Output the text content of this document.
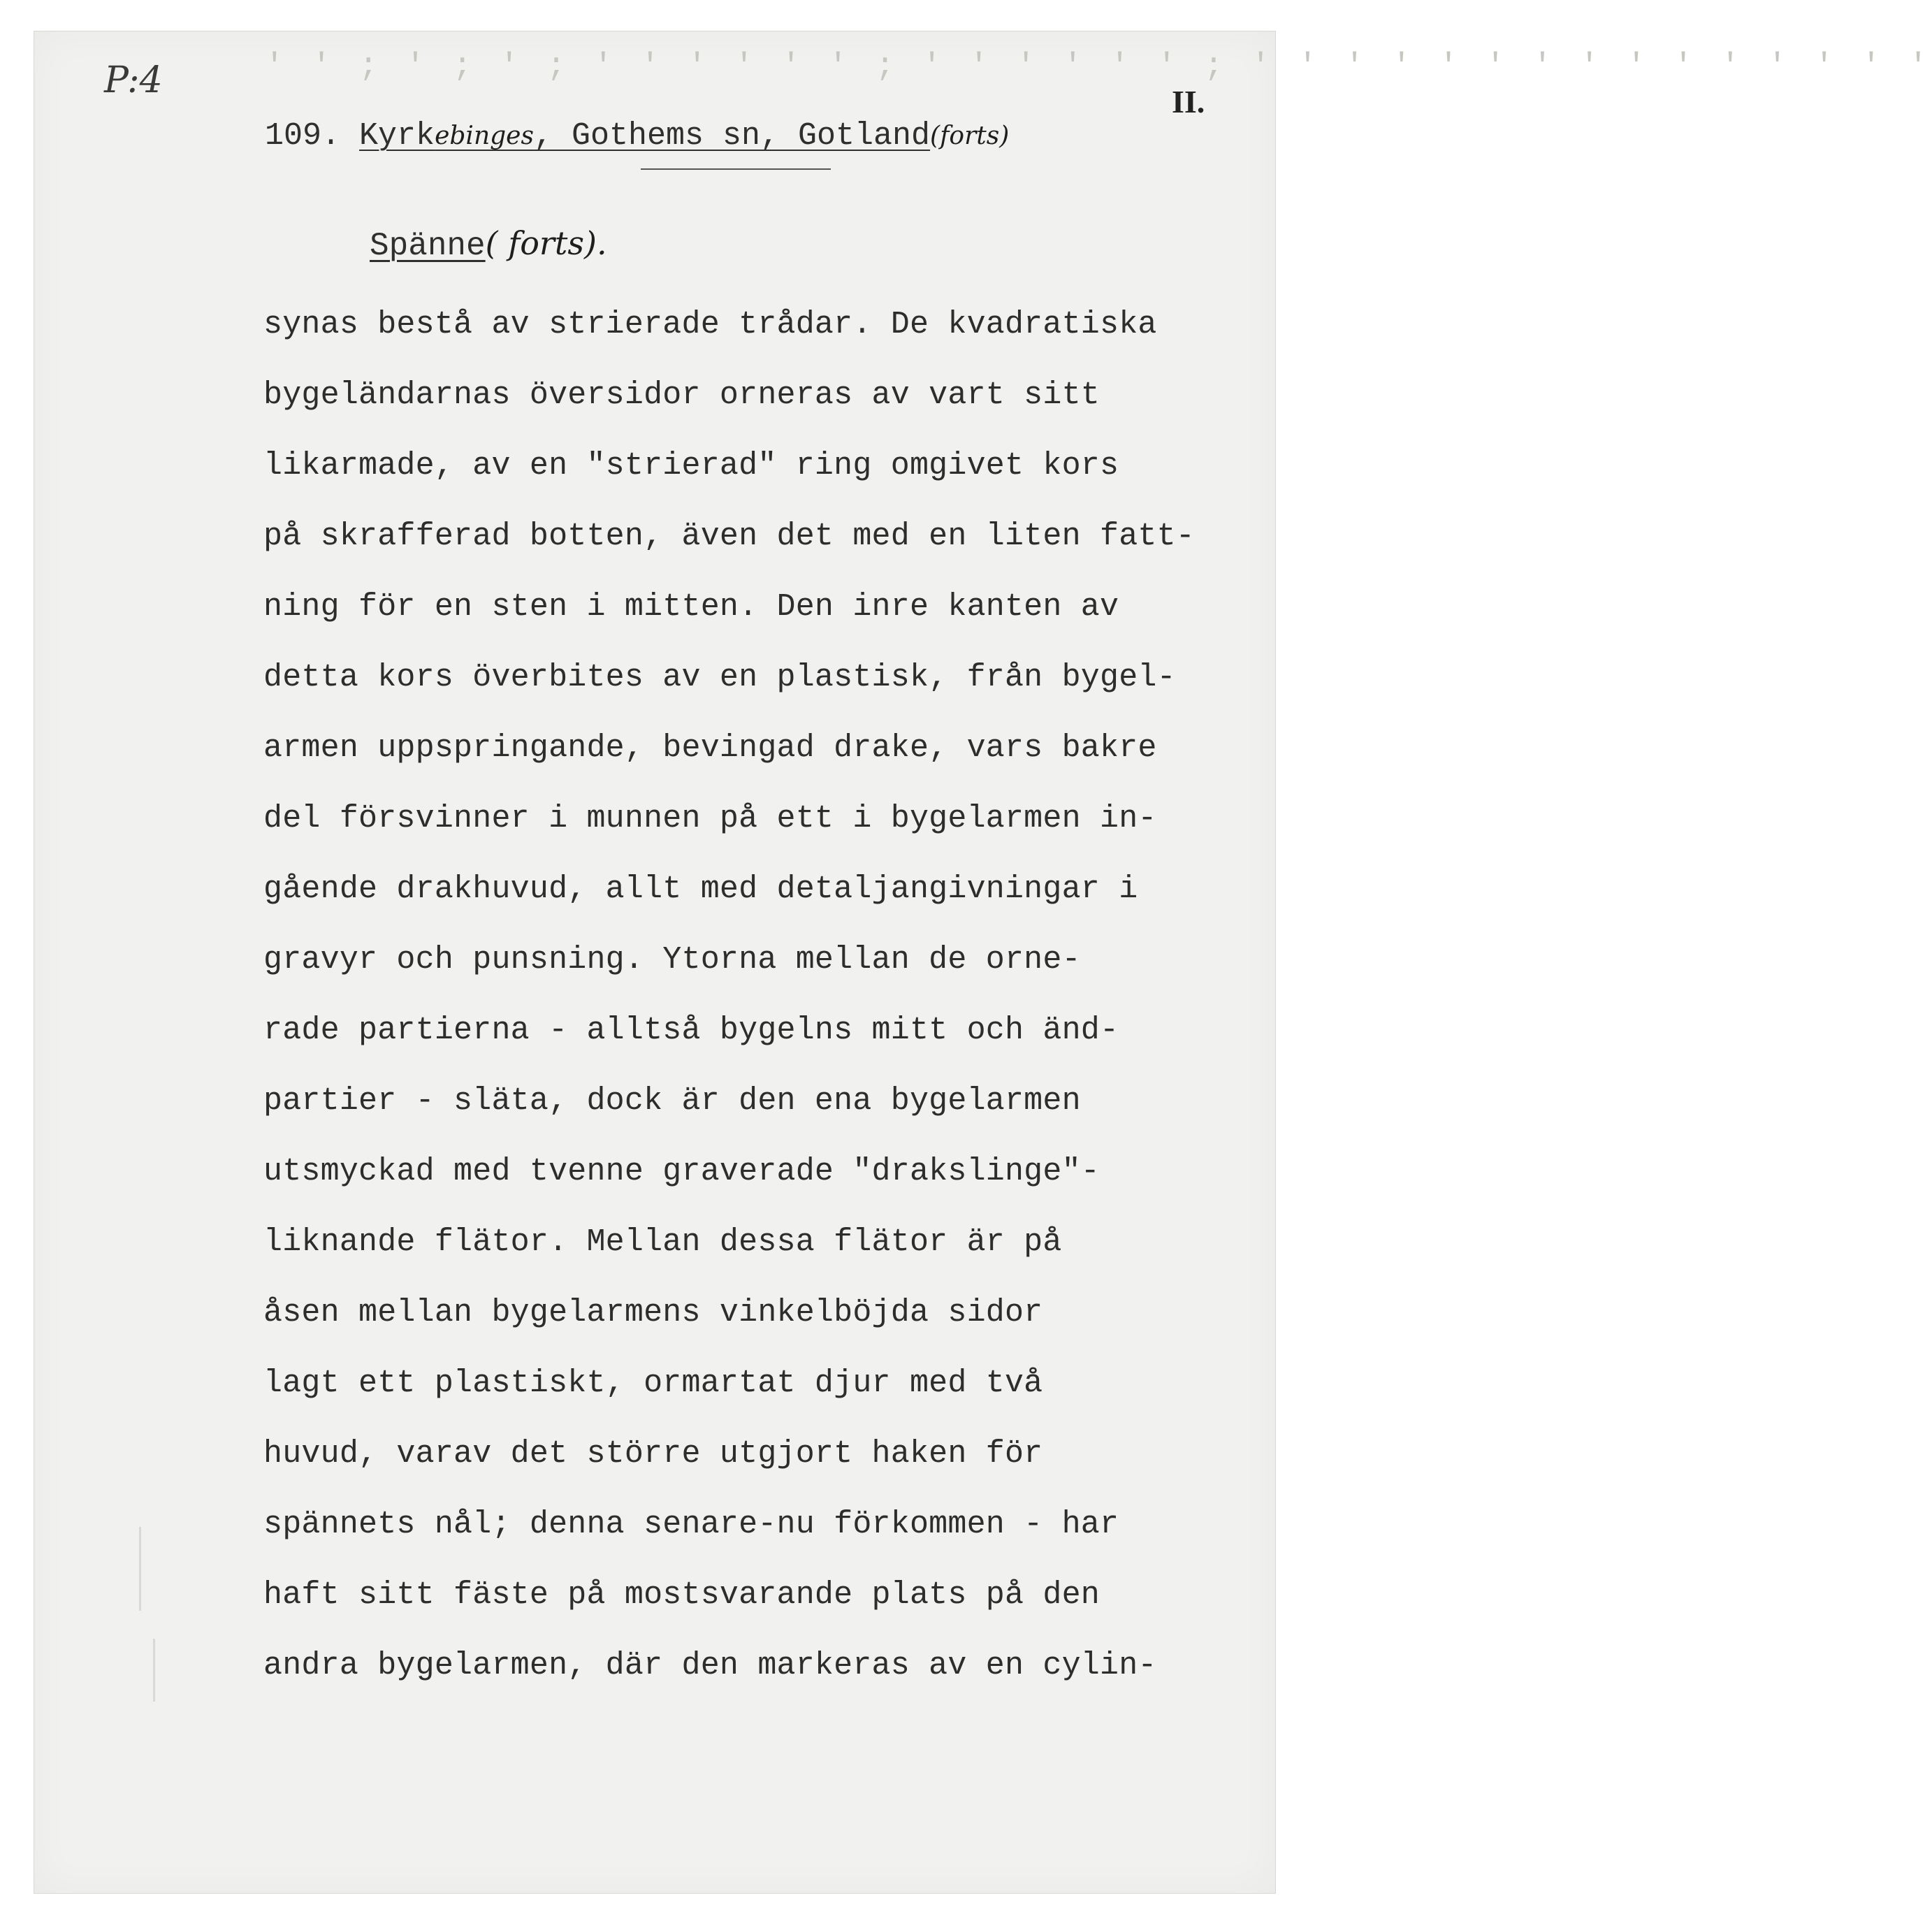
' ' ; ' ; ' ; ' ' ' ' ' ' ; ' ' ' ' ' ' ; ' ' ' ' ' ' ' ' ' ' ' ' ' ' '
P:4
II.
109. Kyrkebinges, Gothems sn, Gotland(forts)
Spänne( forts).
synas bestå av strierade trådar. De kvadratiska
bygeländarnas översidor orneras av vart sitt
likarmade, av en "strierad" ring omgivet kors
på skrafferad botten, även det med en liten fatt-
ning för en sten i mitten. Den inre kanten av
detta kors överbites av en plastisk, från bygel-
armen uppspringande, bevingad drake, vars bakre
del försvinner i munnen på ett i bygelarmen in-
gående drakhuvud, allt med detaljangivningar i
gravyr och punsning. Ytorna mellan de orne-
rade partierna - alltså bygelns mitt och änd-
partier - släta, dock är den ena bygelarmen
utsmyckad med tvenne graverade "drakslinge"-
liknande flätor. Mellan dessa flätor är på
åsen mellan bygelarmens vinkelböjda sidor
lagt ett plastiskt, ormartat djur med två
huvud, varav det större utgjort haken för
spännets nål; denna senare-nu förkommen - har
haft sitt fäste på mostsvarande plats på den
andra bygelarmen, där den markeras av en cylin-
